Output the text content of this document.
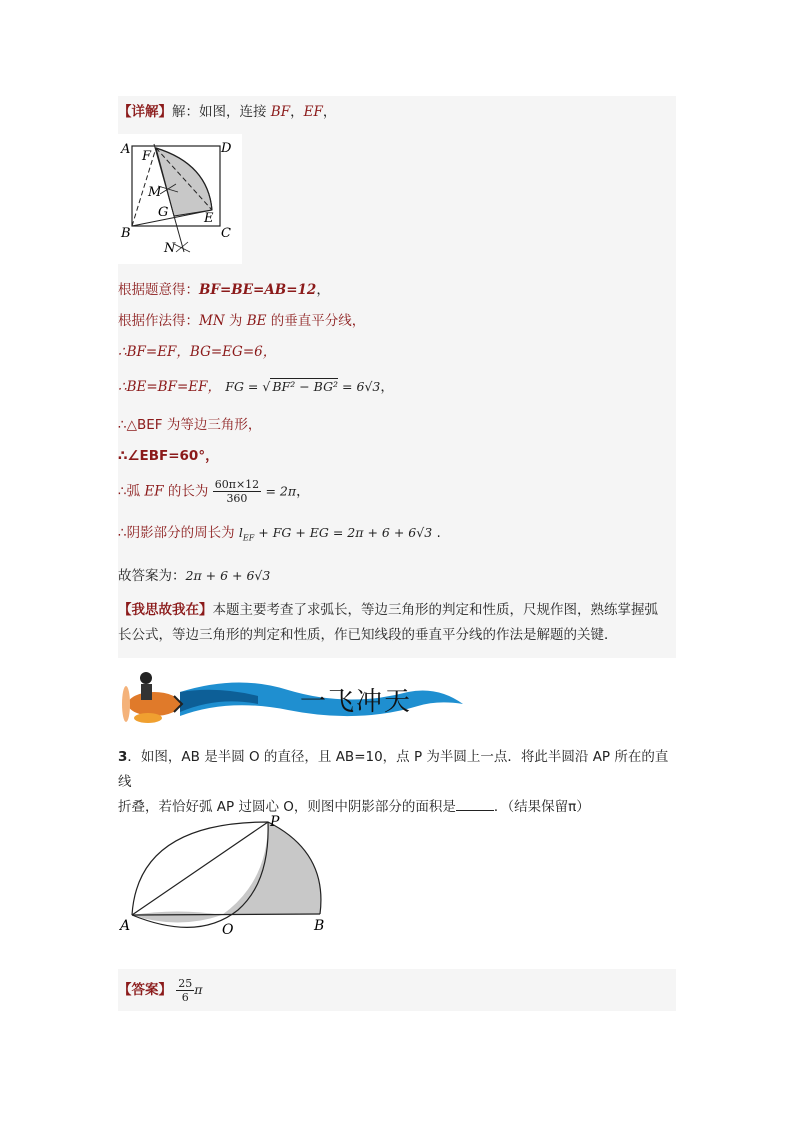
【详解】解：如图，连接 BF，EF，
A	D
F
M
G	E
B	C
N
根据题意得：BF=BE=AB=12，
根据作法得：MN 为 BE 的垂直平分线，
∴BF=EF，BG=EG=6，
∴BE=BF=EF， FG = √ BF² − BG² = 6√3，
∴△BEF 为等边三角形，
∴∠EBF=60°，
∴弧 EF 的长为 $\frac{60\pi\times 12}{360} = 2\pi$，
∴阴影部分的周长为 $l_{EF}$ + FG + EG = 2π + 6 + 6√3 .
故答案为：2π + 6 + 6√3
【我思故我在】本题主要考查了求弧长，等边三角形的判定和性质，尺规作图，熟练掌握弧
长公式，等边三角形的判定和性质，作已知线段的垂直平分线的作法是解题的关键．
一飞冲天
3．如图，AB 是半圆 O 的直径，且 AB=10，点 P 为半圆上一点．将此半圆沿 AP 所在的直线
折叠，若恰好弧 AP 过圆心 O，则图中阴影部分的面积是	．（结果保留π）
P
A	O	B
【答案】 $\frac{25}{6}$ π
